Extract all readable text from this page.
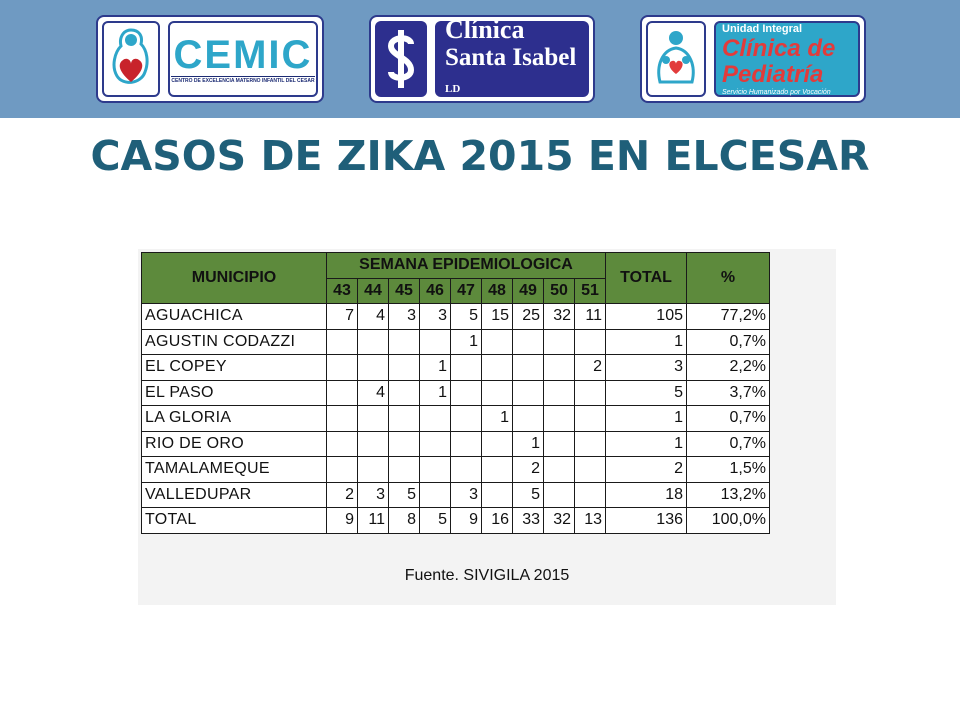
CEMIC
CENTRO DE EXCELENCIA MATERNO INFANTIL DEL CESAR
Clínica
Santa Isabel LD
Unidad Integral
Clínica de Pediatría
Servicio Humanizado por Vocación
CASOS DE ZIKA 2015 EN ELCESAR
MUNICIPIO	SEMANA EPIDEMIOLOGICA									TOTAL	%
	43	44	45	46	47	48	49	50	51		
AGUACHICA	7	4	3	3	5	15	25	32	11	105	77,2%
AGUSTIN CODAZZI					1					1	0,7%
EL COPEY				1					2	3	2,2%
EL PASO		4		1						5	3,7%
LA GLORIA						1				1	0,7%
RIO DE ORO							1			1	0,7%
TAMALAMEQUE							2			2	1,5%
VALLEDUPAR	2	3	5		3		5			18	13,2%
TOTAL	9	11	8	5	9	16	33	32	13	136	100,0%
Fuente. SIVIGILA 2015
